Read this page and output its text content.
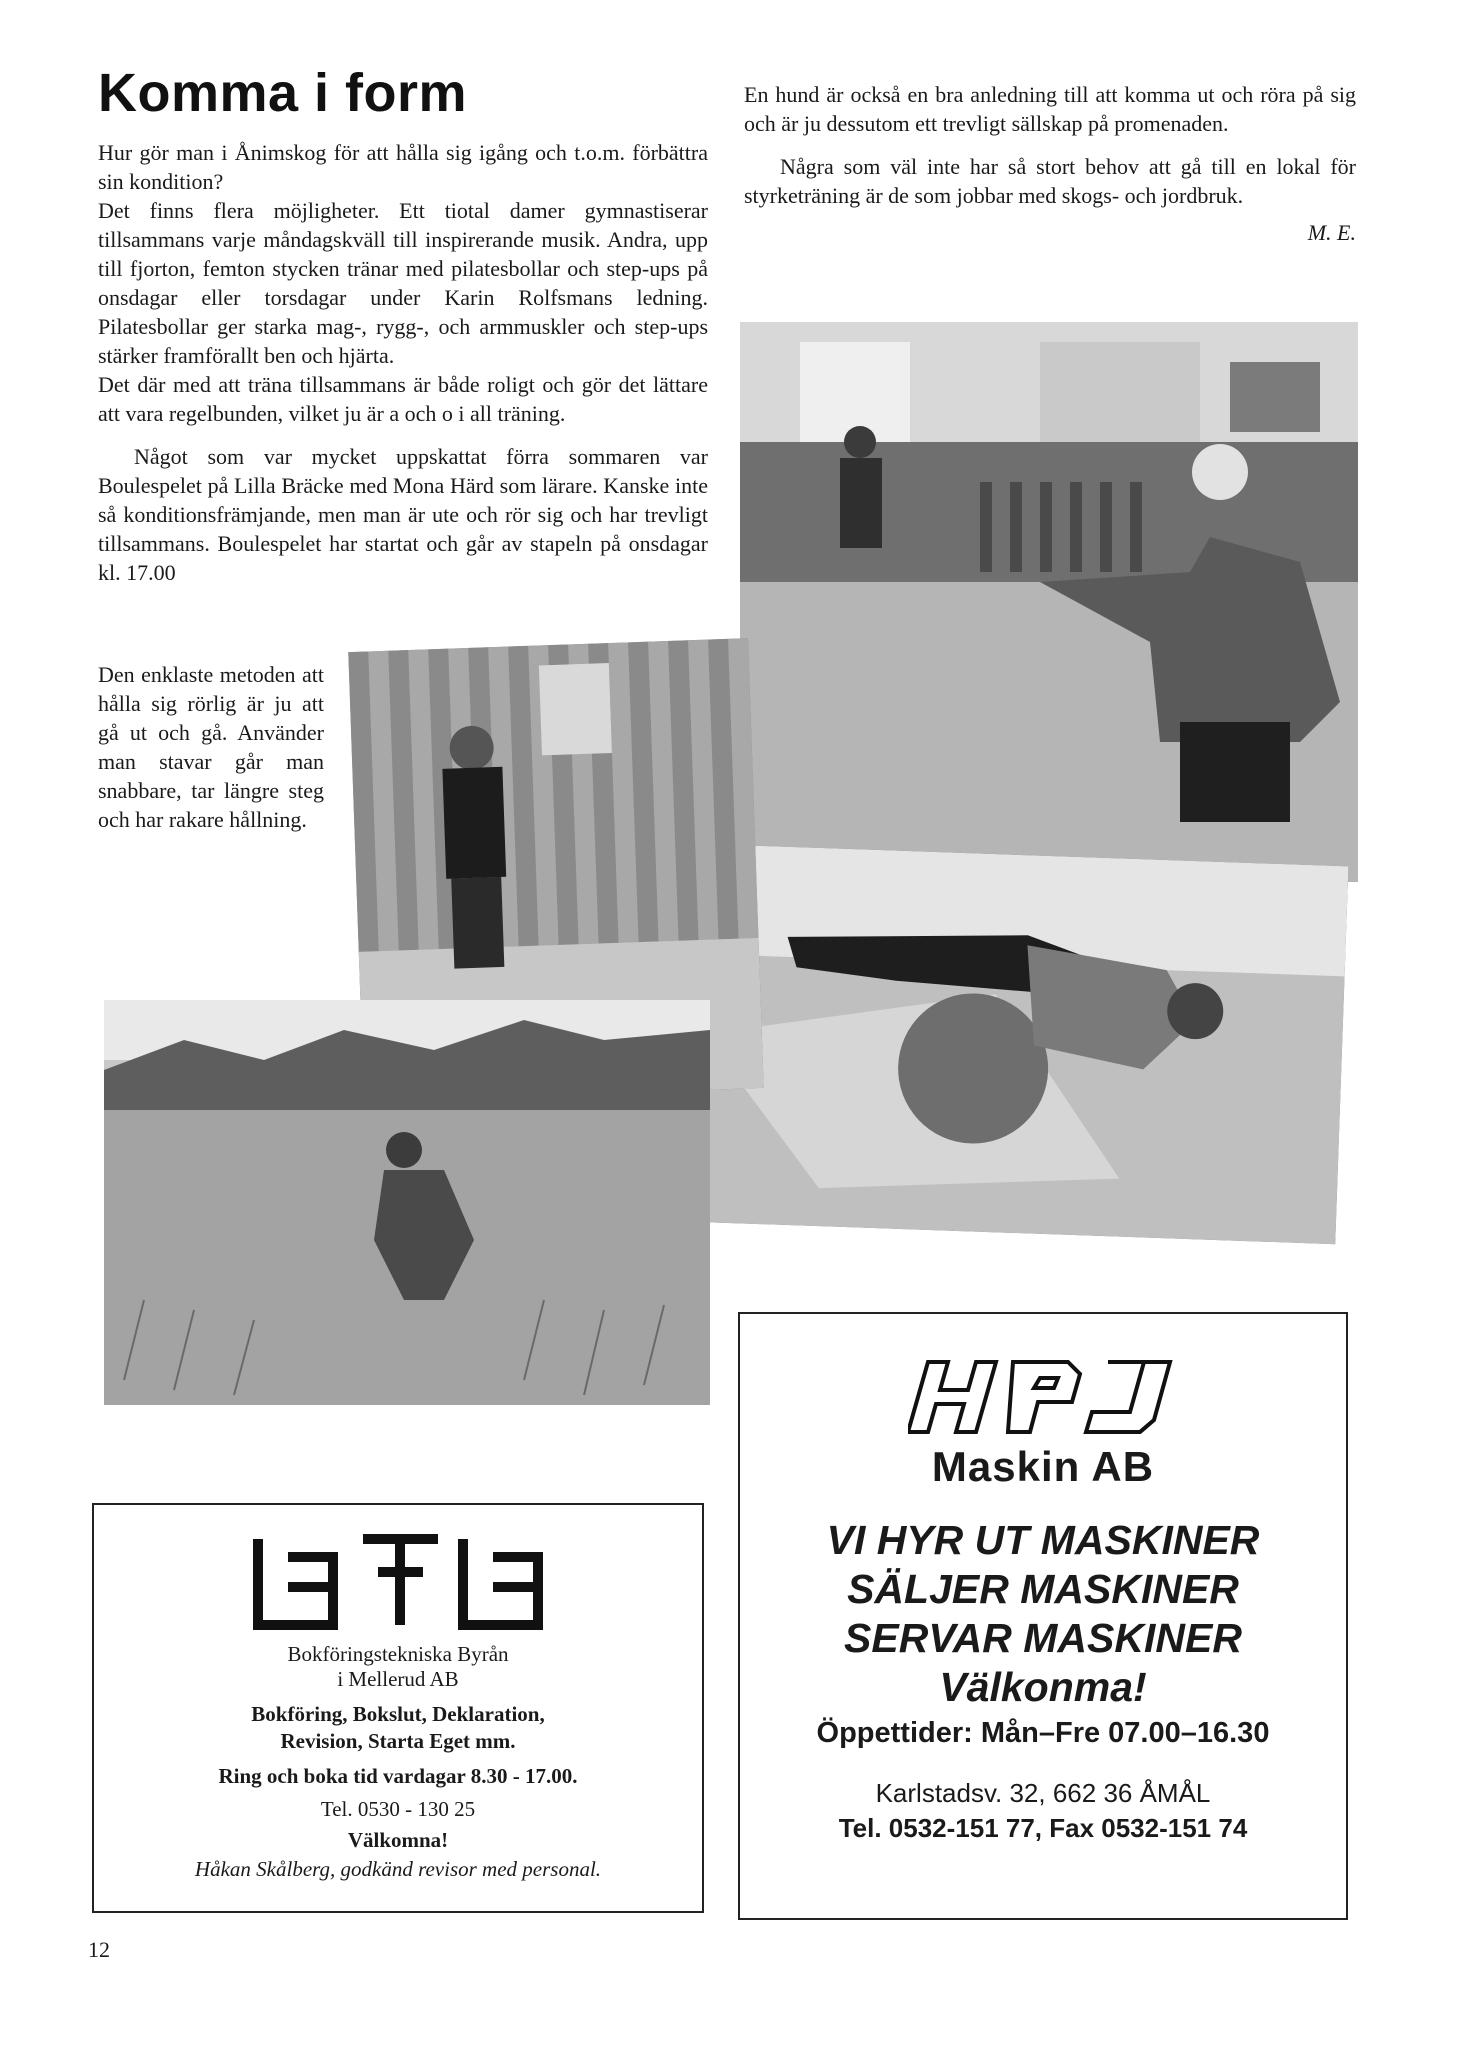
Komma i form

Hur gör man i Ånimskog för att hålla sig igång och t.o.m. förbättra sin kondition?

Det finns flera möjligheter. Ett tiotal damer gymnastiserar tillsammans varje måndagskväll till inspirerande musik. Andra, upp till fjorton, femton stycken tränar med pilatesbollar och step-ups på onsdagar eller torsdagar under Karin Rolfsmans ledning. Pilatesbollar ger starka mag-, rygg-, och armmuskler och step-ups stärker framförallt ben och hjärta.

Det där med att träna tillsammans är både roligt och gör det lättare att vara regelbunden, vilket ju är a och o i all träning.

Något som var mycket uppskattat förra sommaren var Boulespelet på Lilla Bräcke med Mona Härd som lärare. Kanske inte så konditionsfrämjande, men man är ute och rör sig och har trevligt tillsammans. Boulespelet har startat och går av stapeln på onsdagar kl. 17.00

Den enklaste metoden att hålla sig rörlig är ju att gå ut och gå. Använder man stavar går man snabbare, tar längre steg och har rakare hållning.

En hund är också en bra anledning till att komma ut och röra på sig och är ju dessutom ett trevligt sällskap på promenaden.

Några som väl inte har så stort behov att gå till en lokal för styrketräning är de som jobbar med skogs- och jordbruk.

M. E.

Bokföringstekniska Byrån
i Mellerud AB
Bokföring, Bokslut, Deklaration,
Revision, Starta Eget mm.
Ring och boka tid vardagar 8.30 - 17.00.
Tel. 0530 - 130 25
Välkomna!
Håkan Skålberg, godkänd revisor med personal.
Maskin AB
VI HYR UT MASKINER
SÄLJER MASKINER
SERVAR MASKINER
Välkonma!
Öppettider: Mån–Fre 07.00–16.30
Karlstadsv. 32, 662 36 ÅMÅL
Tel. 0532-151 77, Fax 0532-151 74
12
